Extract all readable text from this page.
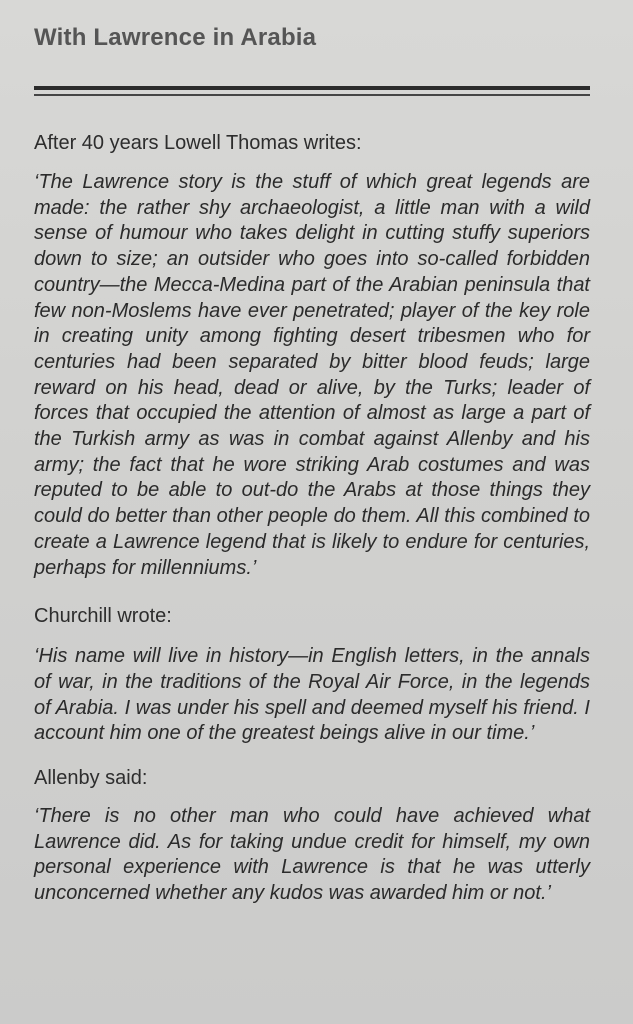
With Lawrence in Arabia

After 40 years Lowell Thomas writes:

‘The Lawrence story is the stuff of which great legends are made: the rather shy archaeologist, a little man with a wild sense of humour who takes delight in cutting stuffy superiors down to size; an outsider who goes into so-called forbidden country—the Mecca-Medina part of the Arabian peninsula that few non-Moslems have ever penetrated; player of the key role in creating unity among fighting desert tribesmen who for centuries had been separated by bitter blood feuds; large reward on his head, dead or alive, by the Turks; leader of forces that occupied the attention of almost as large a part of the Turkish army as was in combat against Allenby and his army; the fact that he wore striking Arab costumes and was reputed to be able to out-do the Arabs at those things they could do better than other people do them. All this combined to create a Lawrence legend that is likely to endure for centuries, perhaps for millenniums.’

Churchill wrote:

‘His name will live in history—in English letters, in the annals of war, in the traditions of the Royal Air Force, in the legends of Arabia. I was under his spell and deemed myself his friend. I account him one of the greatest beings alive in our time.’

Allenby said:

‘There is no other man who could have achieved what Lawrence did. As for taking undue credit for himself, my own personal experience with Lawrence is that he was utterly unconcerned whether any kudos was awarded him or not.’
